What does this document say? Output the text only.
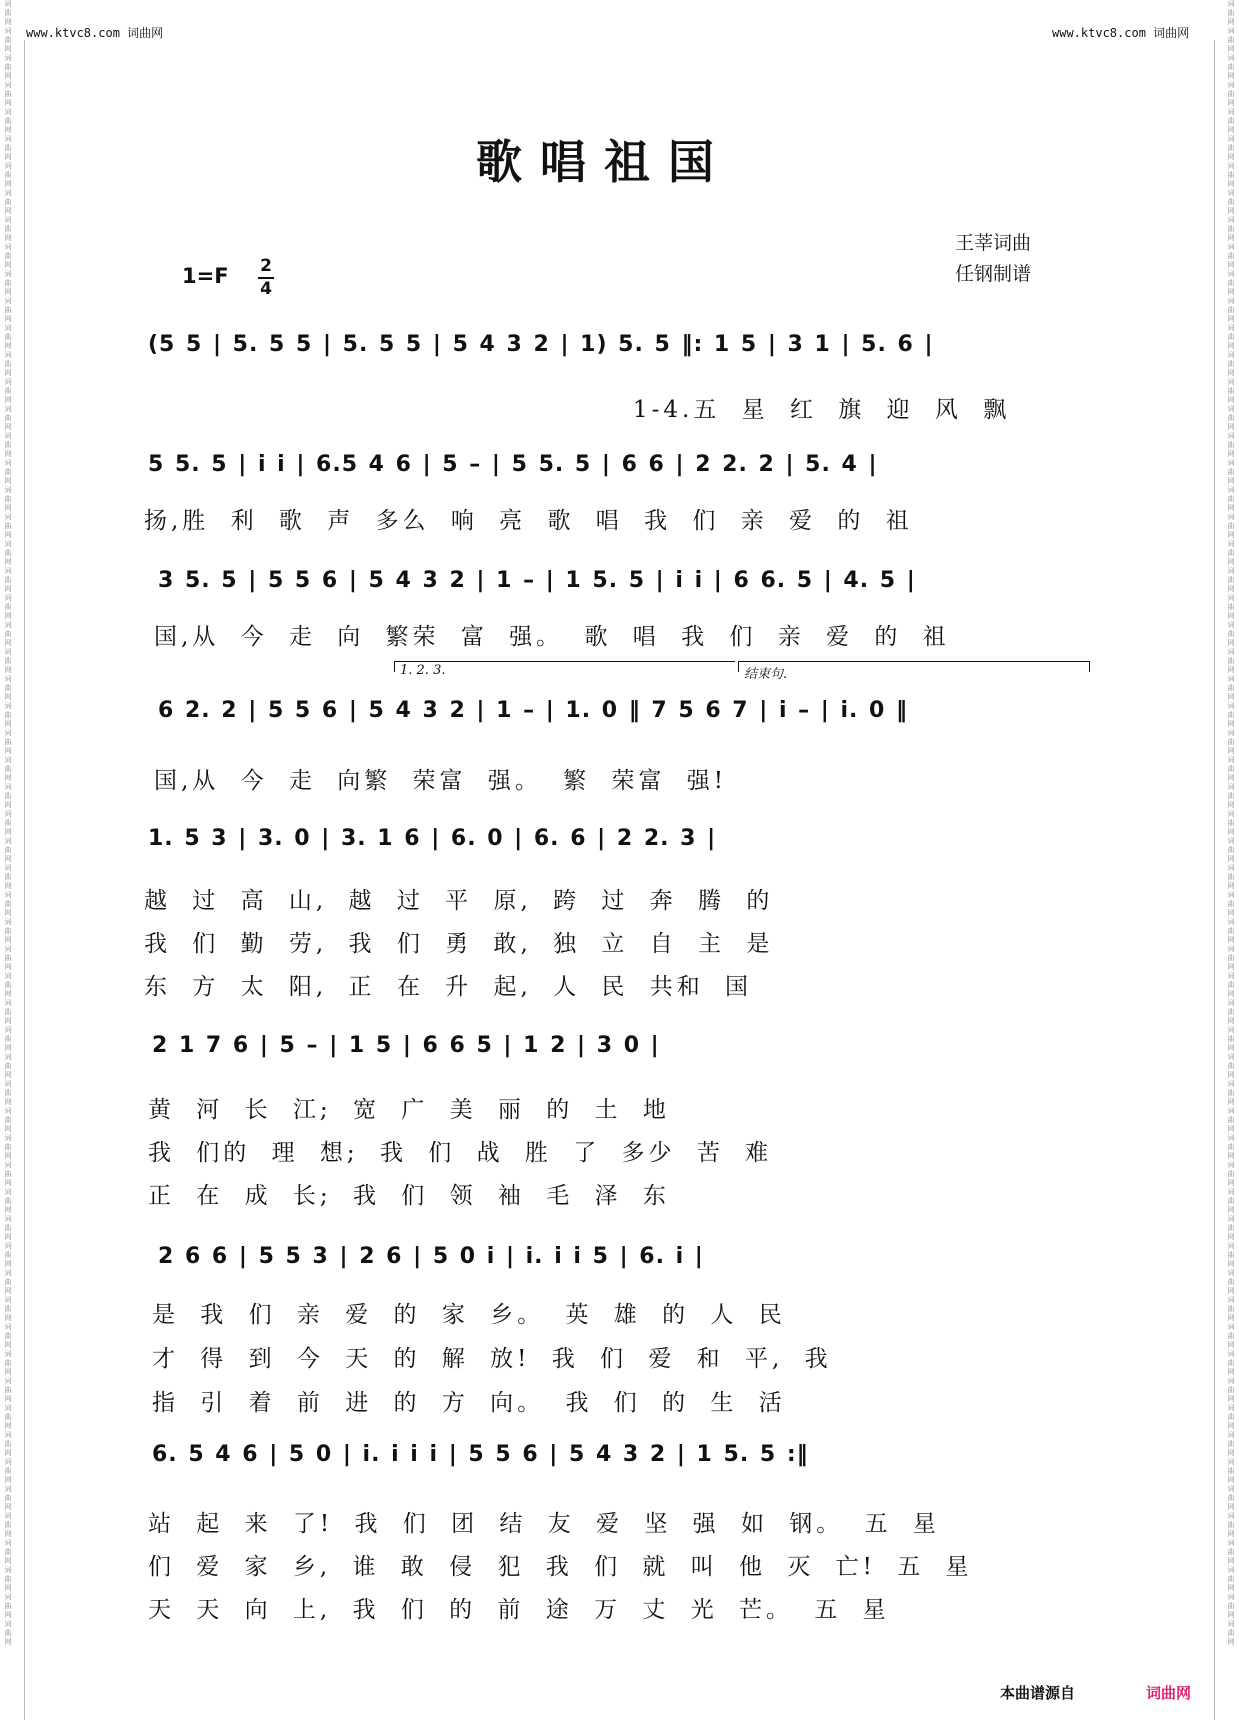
词曲网词曲网词曲网词曲网词曲网词曲网词曲网词曲网词曲网词曲网词曲网词曲网词曲网词曲网词曲网词曲网词曲网词曲网词曲网词曲网词曲网词曲网词曲网词曲网词曲网词曲网词曲网词曲网词曲网词曲网词曲网词曲网词曲网词曲网词曲网词曲网词曲网词曲网词曲网词曲网词曲网词曲网词曲网词曲网词曲网词曲网词曲网词曲网词曲网词曲网词曲网词曲网词曲网词曲网词曲网词曲网词曲网词曲网词曲网词曲网词曲网
词曲网词曲网词曲网词曲网词曲网词曲网词曲网词曲网词曲网词曲网词曲网词曲网词曲网词曲网词曲网词曲网词曲网词曲网词曲网词曲网词曲网词曲网词曲网词曲网词曲网词曲网词曲网词曲网词曲网词曲网词曲网词曲网词曲网词曲网词曲网词曲网词曲网词曲网词曲网词曲网词曲网词曲网词曲网词曲网词曲网词曲网词曲网词曲网词曲网词曲网词曲网词曲网词曲网词曲网词曲网词曲网词曲网词曲网词曲网词曲网词曲网
www.ktvc8.com 词曲网	www.ktvc8.com 词曲网
歌唱祖国
王莘词曲
任钢制谱
1=F 2
4
(5 5 | 5. 5 5 | 5. 5 5 | 5 4 3 2 | 1) 5. 5 ‖: 1 5 | 3 1 | 5. 6 |
1-4.五 星 红 旗 迎 风 飘
5 5. 5 | i i | 6.5 4 6 | 5 – | 5 5. 5 | 6 6 | 2 2. 2 | 5. 4 |
扬,胜 利 歌 声 多么 响 亮 歌 唱 我 们 亲 爱 的 祖
3 5. 5 | 5 5 6 | 5 4 3 2 | 1 – | 1 5. 5 | i i | 6 6. 5 | 4. 5 |
国,从 今 走 向 繁荣 富 强。 歌 唱 我 们 亲 爱 的 祖
1. 2. 3.	结束句.
6 2. 2 | 5 5 6 | 5 4 3 2 | 1 – | 1. 0 ‖ 7 5 6 7 | i – | i. 0 ‖
国,从 今 走 向繁 荣富 强。 繁 荣富 强!
1. 5 3 | 3. 0 | 3. 1 6 | 6. 0 | 6. 6 | 2 2. 3 |
越 过 高 山, 越 过 平 原, 跨 过 奔 腾 的
我 们 勤 劳, 我 们 勇 敢, 独 立 自 主 是
东 方 太 阳, 正 在 升 起, 人 民 共和 国
2 1 7 6 | 5 – | 1 5 | 6 6 5 | 1 2 | 3 0 |
黄 河 长 江; 宽 广 美 丽 的 土 地
我 们的 理 想; 我 们 战 胜 了 多少 苦 难
正 在 成 长; 我 们 领 袖 毛 泽 东
2 6 6 | 5 5 3 | 2 6 | 5 0 i | i. i i 5 | 6. i |
是 我 们 亲 爱 的 家 乡。 英 雄 的 人 民
才 得 到 今 天 的 解 放! 我 们 爱 和 平, 我
指 引 着 前 进 的 方 向。 我 们 的 生 活
6. 5 4 6 | 5 0 | i. i i i | 5 5 6 | 5 4 3 2 | 1 5. 5 :‖
站 起 来 了! 我 们 团 结 友 爱 坚 强 如 钢。 五 星
们 爱 家 乡, 谁 敢 侵 犯 我 们 就 叫 他 灭 亡! 五 星
天 天 向 上, 我 们 的 前 途 万 丈 光 芒。 五 星
本曲谱源自	词曲网
